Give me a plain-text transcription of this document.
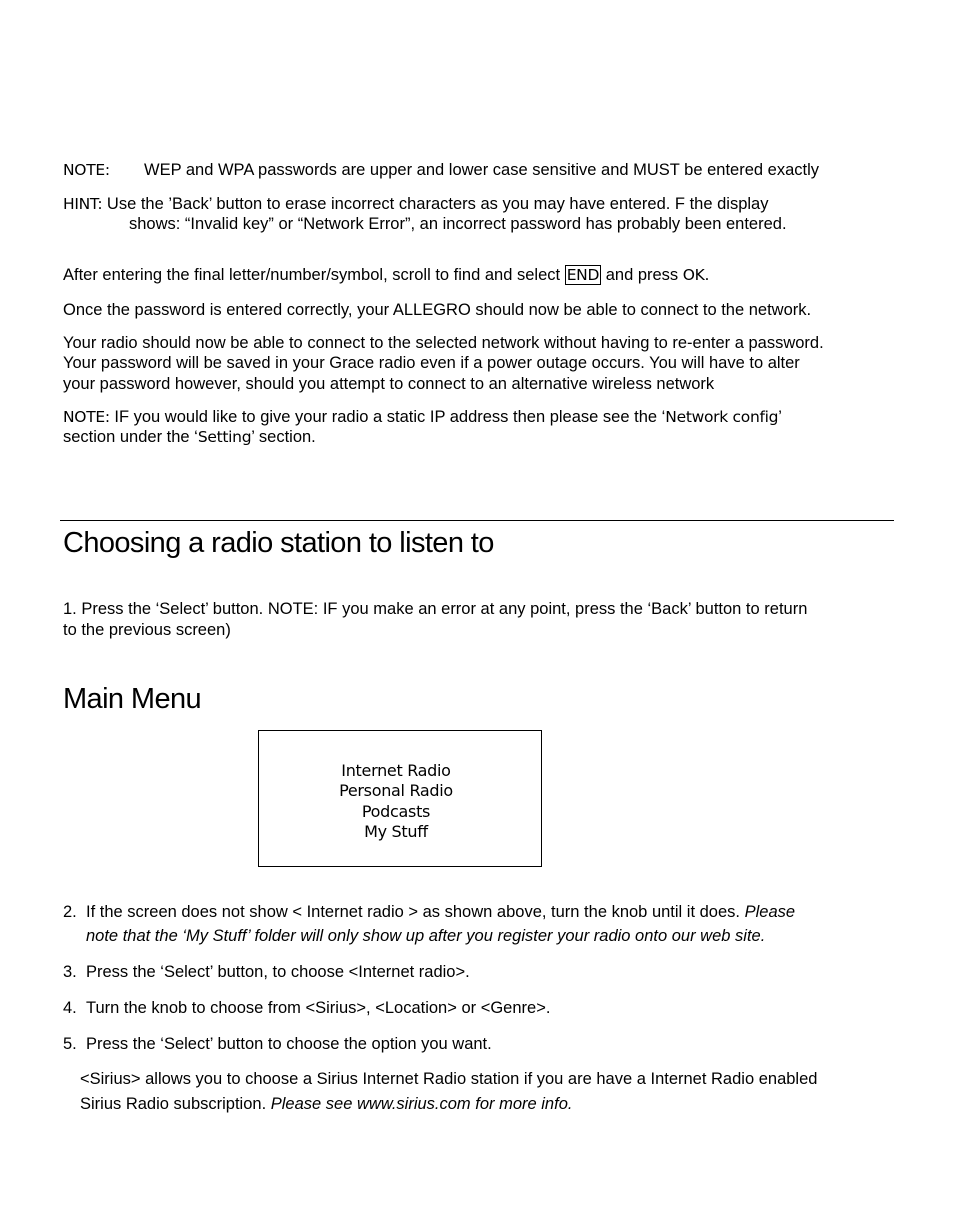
NOTE: WEP and WPA passwords are upper and lower case sensitive and MUST be entered exactly
HINT: Use the ’Back’ button to erase incorrect characters as you may have entered. F the display
shows: “Invalid key” or “Network Error”, an incorrect password has probably been entered.
After entering the final letter/number/symbol, scroll to find and select END and press OK.
Once the password is entered correctly, your ALLEGRO should now be able to connect to the network.
Your radio should now be able to connect to the selected network without having to re-enter a password.
Your password will be saved in your Grace radio even if a power outage occurs. You will have to alter
your password however, should you attempt to connect to an alternative wireless network
NOTE: IF you would like to give your radio a static IP address then please see the ‘Network config’
section under the ‘Setting’ section.
Choosing a radio station to listen to
1. Press the ‘Select’ button. NOTE: IF you make an error at any point, press the ‘Back’ button to return
to the previous screen)
Main Menu
Internet Radio
Personal Radio
Podcasts
My Stuff
2. If the screen does not show < Internet radio > as shown above, turn the knob until it does. Please
note that the ‘My Stuff’ folder will only show up after you register your radio onto our web site.
3. Press the ‘Select’ button, to choose <Internet radio>.
4. Turn the knob to choose from <Sirius>, <Location> or <Genre>.
5. Press the ‘Select’ button to choose the option you want.
<Sirius> allows you to choose a Sirius Internet Radio station if you are have a Internet Radio enabled
Sirius Radio subscription. Please see www.sirius.com for more info.
